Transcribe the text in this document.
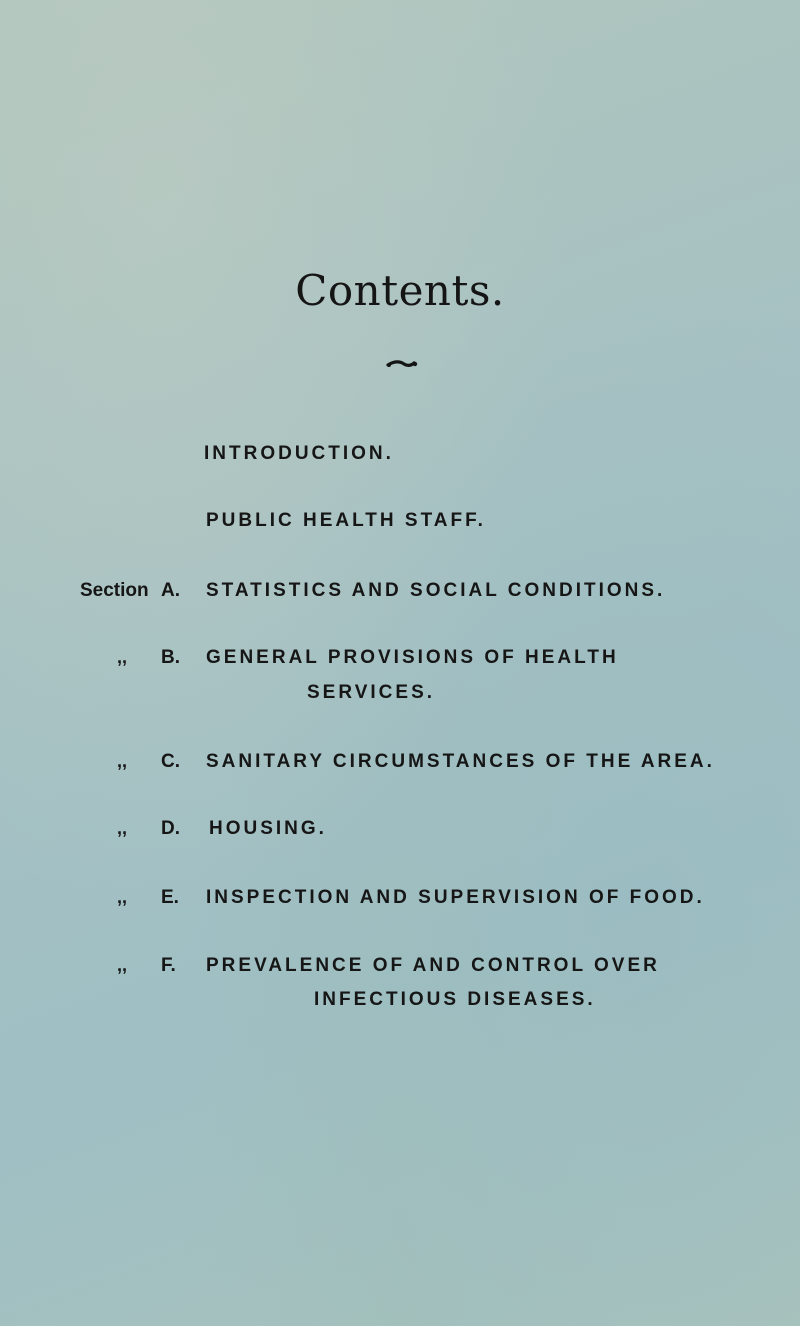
Contents.
INTRODUCTION.
PUBLIC HEALTH STAFF.
Section A. STATISTICS AND SOCIAL CONDITIONS.
,, B. GENERAL PROVISIONS OF HEALTH
SERVICES.
,, C. SANITARY CIRCUMSTANCES OF THE AREA.
,, D. HOUSING.
,, E. INSPECTION AND SUPERVISION OF FOOD.
,, F. PREVALENCE OF AND CONTROL OVER
INFECTIOUS DISEASES.
